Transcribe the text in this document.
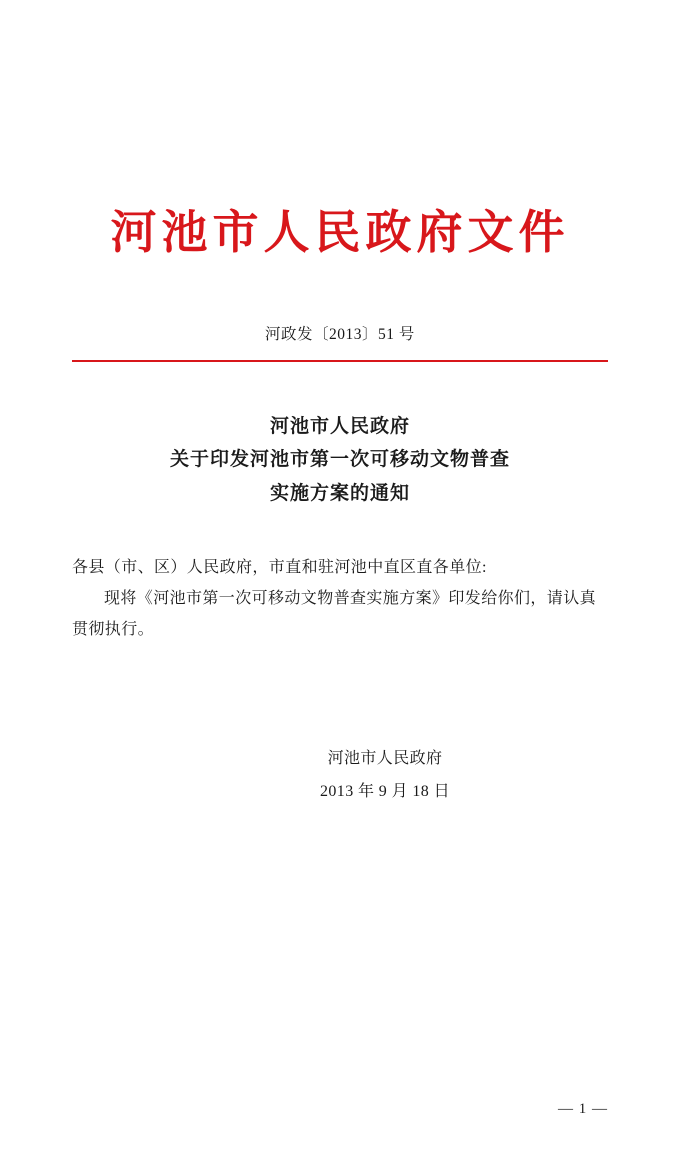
河池市人民政府文件
河政发〔2013〕51 号
河池市人民政府
关于印发河池市第一次可移动文物普查
实施方案的通知
各县（市、区）人民政府，市直和驻河池中直区直各单位:
现将《河池市第一次可移动文物普查实施方案》印发给你们，请认真贯彻执行。
河池市人民政府
2013 年 9 月 18 日
— 1 —
